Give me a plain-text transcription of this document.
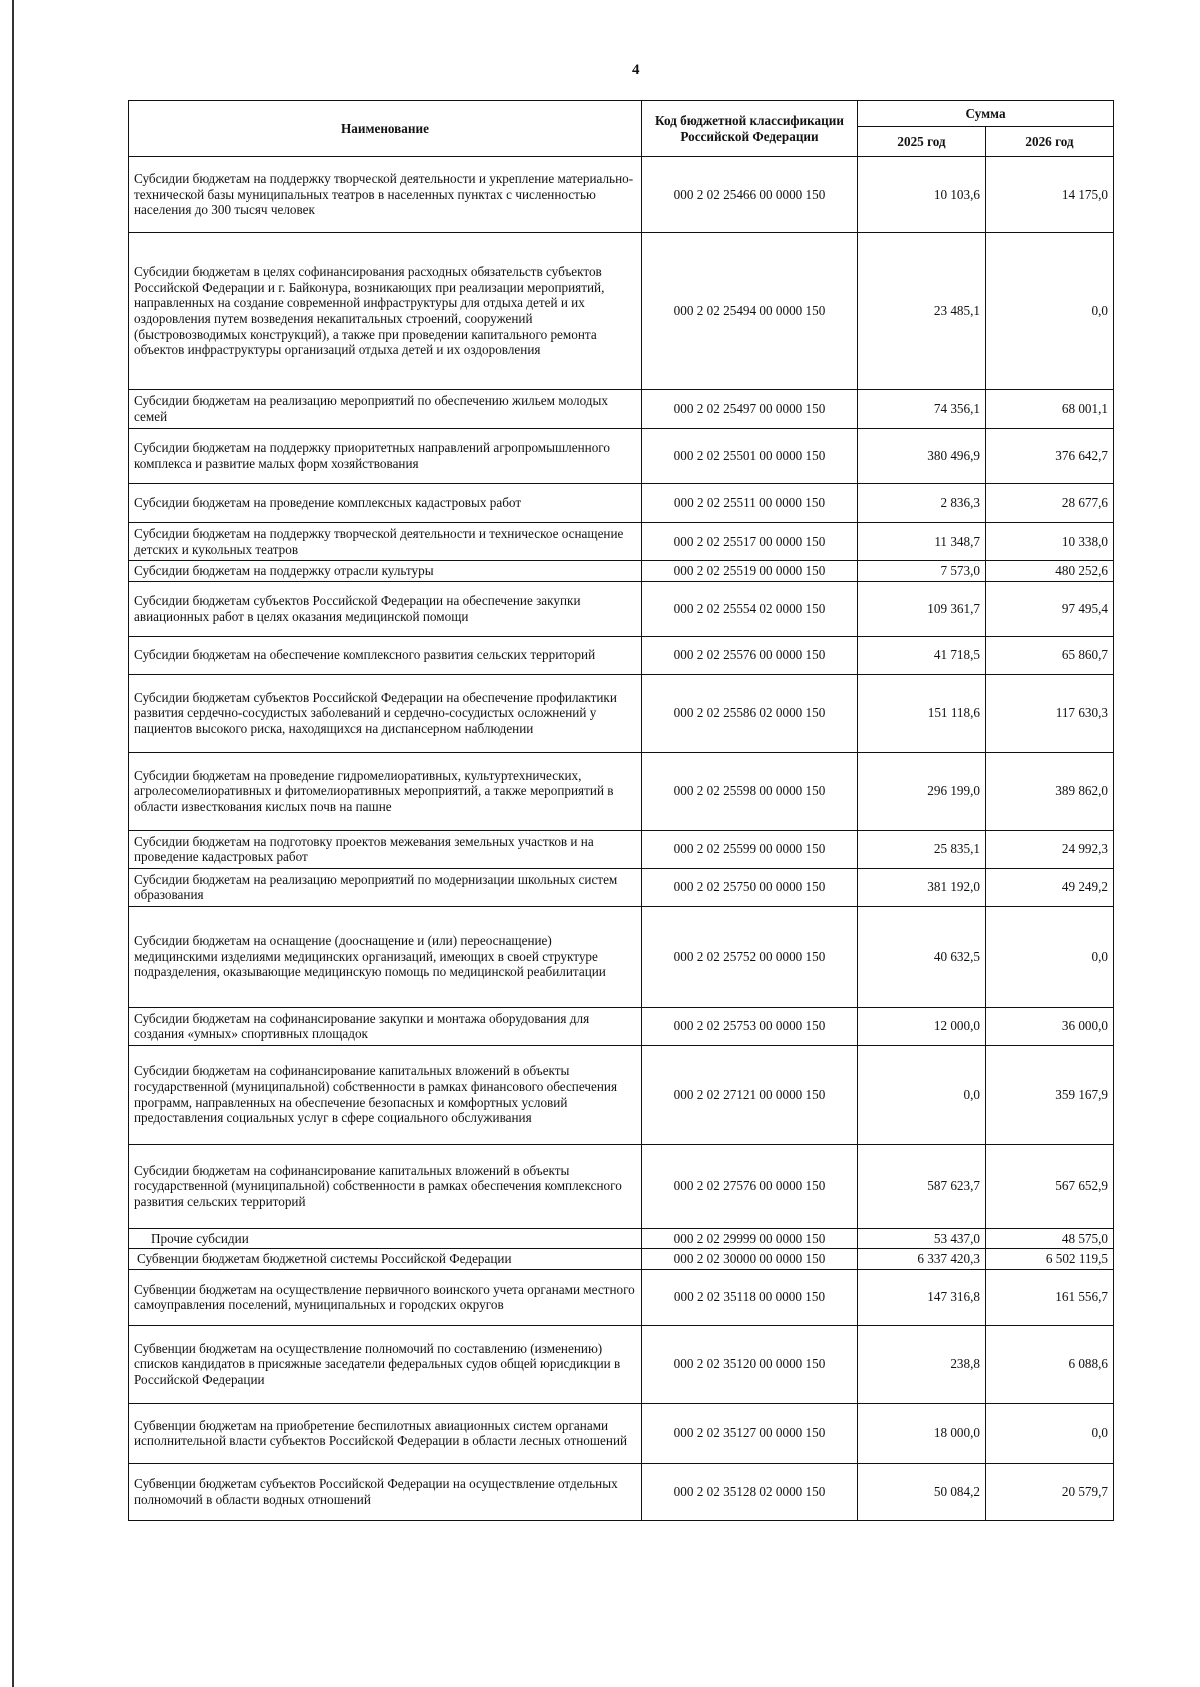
4
Наименование	Код бюджетной классификации Российской Федерации	Сумма	
		2025 год	2026 год
Субсидии бюджетам на поддержку творческой деятельности и укрепление материально-технической базы муниципальных театров в населенных пунктах с численностью населения до 300 тысяч человек	000 2 02 25466 00 0000 150	10 103,6	14 175,0
Субсидии бюджетам в целях софинансирования расходных обязательств субъектов Российской Федерации и г. Байконура, возникающих при реализации мероприятий, направленных на создание современной инфраструктуры для отдыха детей и их оздоровления путем возведения некапитальных строений, сооружений (быстровозводимых конструкций), а также при проведении капитального ремонта объектов инфраструктуры организаций отдыха детей и их оздоровления	000 2 02 25494 00 0000 150	23 485,1	0,0
Субсидии бюджетам на реализацию мероприятий по обеспечению жильем молодых семей	000 2 02 25497 00 0000 150	74 356,1	68 001,1
Субсидии бюджетам на поддержку приоритетных направлений агропромышленного комплекса и развитие малых форм хозяйствования	000 2 02 25501 00 0000 150	380 496,9	376 642,7
Субсидии бюджетам на проведение комплексных кадастровых работ	000 2 02 25511 00 0000 150	2 836,3	28 677,6
Субсидии бюджетам на поддержку творческой деятельности и техническое оснащение детских и кукольных театров	000 2 02 25517 00 0000 150	11 348,7	10 338,0
Субсидии бюджетам на поддержку отрасли культуры	000 2 02 25519 00 0000 150	7 573,0	480 252,6
Субсидии бюджетам субъектов Российской Федерации на обеспечение закупки авиационных работ в целях оказания медицинской помощи	000 2 02 25554 02 0000 150	109 361,7	97 495,4
Субсидии бюджетам на обеспечение комплексного развития сельских территорий	000 2 02 25576 00 0000 150	41 718,5	65 860,7
Субсидии бюджетам субъектов Российской Федерации на обеспечение профилактики развития сердечно-сосудистых заболеваний и сердечно-сосудистых осложнений у пациентов высокого риска, находящихся на диспансерном наблюдении	000 2 02 25586 02 0000 150	151 118,6	117 630,3
Субсидии бюджетам на проведение гидромелиоративных, культуртехнических, агролесомелиоративных и фитомелиоративных мероприятий, а также мероприятий в области известкования кислых почв на пашне	000 2 02 25598 00 0000 150	296 199,0	389 862,0
Субсидии бюджетам на подготовку проектов межевания земельных участков и на проведение кадастровых работ	000 2 02 25599 00 0000 150	25 835,1	24 992,3
Субсидии бюджетам на реализацию мероприятий по модернизации школьных систем образования	000 2 02 25750 00 0000 150	381 192,0	49 249,2
Субсидии бюджетам на оснащение (дооснащение и (или) переоснащение) медицинскими изделиями медицинских организаций, имеющих в своей структуре подразделения, оказывающие медицинскую помощь по медицинской реабилитации	000 2 02 25752 00 0000 150	40 632,5	0,0
Субсидии бюджетам на софинансирование закупки и монтажа оборудования для создания «умных» спортивных площадок	000 2 02 25753 00 0000 150	12 000,0	36 000,0
Субсидии бюджетам на софинансирование капитальных вложений в объекты государственной (муниципальной) собственности в рамках финансового обеспечения программ, направленных на обеспечение безопасных и комфортных условий предоставления социальных услуг в сфере социального обслуживания	000 2 02 27121 00 0000 150	0,0	359 167,9
Субсидии бюджетам на софинансирование капитальных вложений в объекты государственной (муниципальной) собственности в рамках обеспечения комплексного развития сельских территорий	000 2 02 27576 00 0000 150	587 623,7	567 652,9
Прочие субсидии	000 2 02 29999 00 0000 150	53 437,0	48 575,0
Субвенции бюджетам бюджетной системы Российской Федерации	000 2 02 30000 00 0000 150	6 337 420,3	6 502 119,5
Субвенции бюджетам на осуществление первичного воинского учета органами местного самоуправления поселений, муниципальных и городских округов	000 2 02 35118 00 0000 150	147 316,8	161 556,7
Субвенции бюджетам на осуществление полномочий по составлению (изменению) списков кандидатов в присяжные заседатели федеральных судов общей юрисдикции в Российской Федерации	000 2 02 35120 00 0000 150	238,8	6 088,6
Субвенции бюджетам на приобретение беспилотных авиационных систем органами исполнительной власти субъектов Российской Федерации в области лесных отношений	000 2 02 35127 00 0000 150	18 000,0	0,0
Субвенции бюджетам субъектов Российской Федерации на осуществление отдельных полномочий в области водных отношений	000 2 02 35128 02 0000 150	50 084,2	20 579,7
